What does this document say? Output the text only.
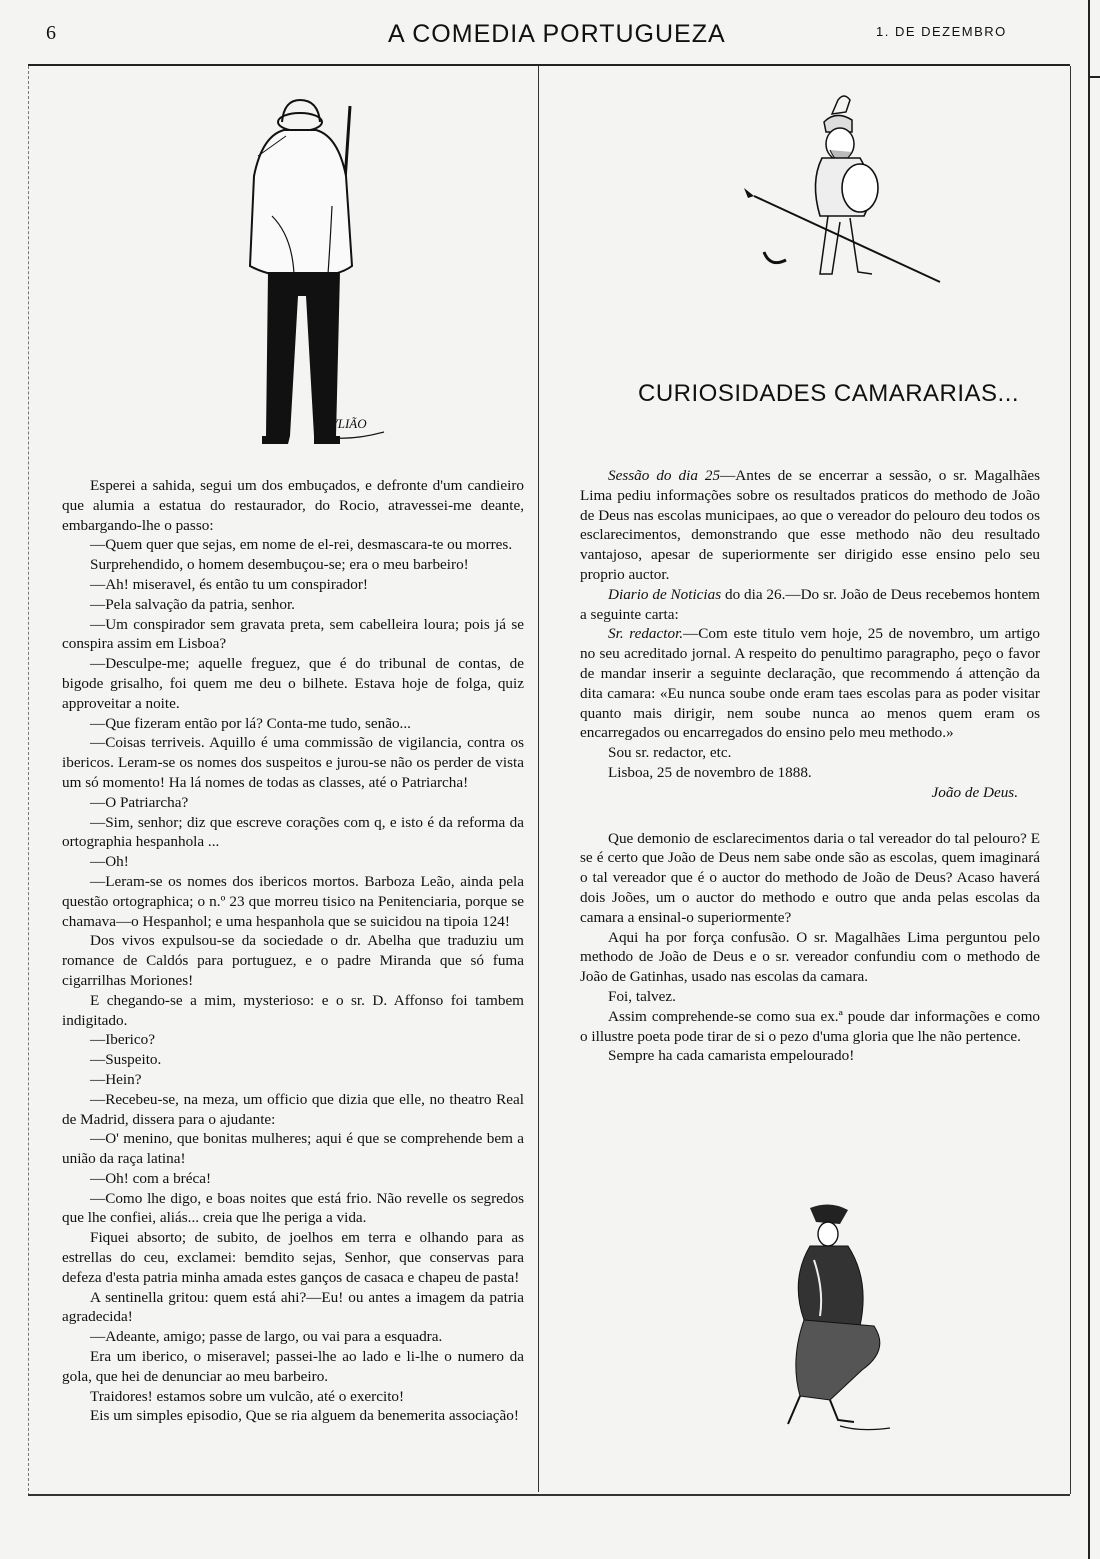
6	A COMEDIA PORTUGUEZA	1. DE DEZEMBRO
JVLIÃO

Esperei a sahida, segui um dos embuçados, e defronte d'um candieiro que alumia a estatua do restaurador, do Rocio, atravessei-me deante, embargando-lhe o passo:

—Quem quer que sejas, em nome de el-rei, desmascara-te ou morres.

Surprehendido, o homem desembuçou-se; era o meu barbeiro!

—Ah! miseravel, és então tu um conspirador!

—Pela salvação da patria, senhor.

—Um conspirador sem gravata preta, sem cabelleira loura; pois já se conspira assim em Lisboa?

—Desculpe-me; aquelle freguez, que é do tribunal de contas, de bigode grisalho, foi quem me deu o bilhete. Estava hoje de folga, quiz approveitar a noite.

—Que fizeram então por lá? Conta-me tudo, senão...

—Coisas terriveis. Aquillo é uma commissão de vigilancia, contra os ibericos. Leram-se os nomes dos suspeitos e jurou-se não os perder de vista um só momento! Ha lá nomes de todas as classes, até o Patriarcha!

—O Patriarcha?

—Sim, senhor; diz que escreve corações com q, e isto é da reforma da ortographia hespanhola ...

—Oh!

—Leram-se os nomes dos ibericos mortos. Barboza Leão, ainda pela questão ortographica; o n.º 23 que morreu tisico na Penitenciaria, porque se chamava—o Hespanhol; e uma hespanhola que se suicidou na tipoia 124!

Dos vivos expulsou-se da sociedade o dr. Abelha que traduziu um romance de Caldós para portuguez, e o padre Miranda que só fuma cigarrilhas Moriones!

E chegando-se a mim, mysterioso: e o sr. D. Affonso foi tambem indigitado.

—Iberico?

—Suspeito.

—Hein?

—Recebeu-se, na meza, um officio que dizia que elle, no theatro Real de Madrid, dissera para o ajudante:

—O' menino, que bonitas mulheres; aqui é que se comprehende bem a união da raça latina!

—Oh! com a bréca!

—Como lhe digo, e boas noites que está frio. Não revelle os segredos que lhe confiei, aliás... creia que lhe periga a vida.

Fiquei absorto; de subito, de joelhos em terra e olhando para as estrellas do ceu, exclamei: bemdito sejas, Senhor, que conservas para defeza d'esta patria minha amada estes ganços de casaca e chapeu de pasta!

A sentinella gritou: quem está ahi?—Eu! ou antes a imagem da patria agradecida!

—Adeante, amigo; passe de largo, ou vai para a esquadra.

Era um iberico, o miseravel; passei-lhe ao lado e li-lhe o numero da gola, que hei de denunciar ao meu barbeiro.

Traidores! estamos sobre um vulcão, até o exercito!

Eis um simples episodio, Que se ria alguem da benemerita associação!

CURIOSIDADES CAMARARIAS...

Sessão do dia 25—Antes de se encerrar a sessão, o sr. Magalhães Lima pediu informações sobre os resultados praticos do methodo de João de Deus nas escolas municipaes, ao que o vereador do pelouro deu todos os esclarecimentos, demonstrando que esse methodo não deu resultado vantajoso, apesar de superiormente ser dirigido esse ensino pelo seu proprio auctor.

Diario de Noticias do dia 26.—Do sr. João de Deus recebemos hontem a seguinte carta:

Sr. redactor.—Com este titulo vem hoje, 25 de novembro, um artigo no seu acreditado jornal. A respeito do penultimo paragrapho, peço o favor de mandar inserir a seguinte declaração, que recommendo á attenção da dita camara: «Eu nunca soube onde eram taes escolas para as poder visitar quanto mais dirigir, nem soube nunca ao menos quem eram os encarregados ou encarregados do ensino pelo meu methodo.»

Sou sr. redactor, etc.

Lisboa, 25 de novembro de 1888.

João de Deus.

Que demonio de esclarecimentos daria o tal vereador do tal pelouro? E se é certo que João de Deus nem sabe onde são as escolas, quem imaginará o tal vereador que é o auctor do methodo de João de Deus? Acaso haverá dois Joões, um o auctor do methodo e outro que anda pelas escolas da camara a ensinal-o superiormente?

Aqui ha por força confusão. O sr. Magalhães Lima perguntou pelo methodo de João de Deus e o sr. vereador confundiu com o methodo de João de Gatinhas, usado nas escolas da camara.

Foi, talvez.

Assim comprehende-se como sua ex.ª poude dar informações e como o illustre poeta pode tirar de si o pezo d'uma gloria que lhe não pertence.

Sempre ha cada camarista empelourado!
